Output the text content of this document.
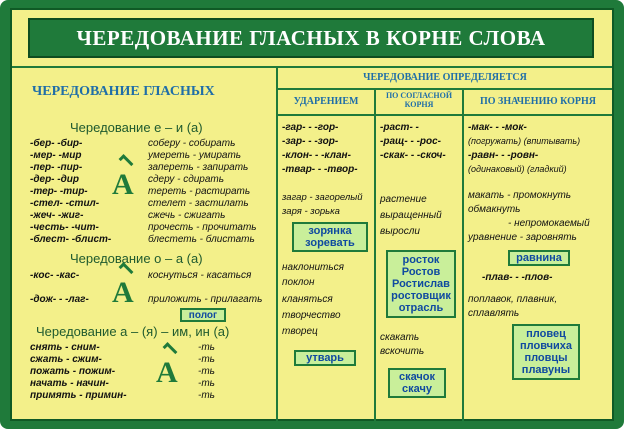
ЧЕРЕДОВАНИЕ ГЛАСНЫХ В КОРНЕ СЛОВА
ЧЕРЕДОВАНИЕ ГЛАСНЫХ
ЧЕРЕДОВАНИЕ ОПРЕДЕЛЯЕТСЯ
УДАРЕНИЕМ
ПО СОГЛАСНОЙ КОРНЯ	ПО ЗНАЧЕНИЮ КОРНЯ
Чередование е – и (а)
-бер- -бир-
-мер- -мир
-пер- -пир-
-дер- -дир
-тер- -тир-
-стел- -стил-
-жеч- -жиг-
-честь- -чит-
-блест- -блист-
А
соберу - собирать
умереть - умирать
запереть - запирать
сдеру - сдирать
тереть - растирать
стелет - застилать
сжечь - сжигать
прочесть - прочитать
блестеть - блистать
Чередование о – а (а)
-кос- -кас-
-дож- - -лаг- А
коснуться - касаться
приложить - прилагать
полог
Чередование а – (я) – им, ин (а)
снять - сним-
сжать - сжим-
пожать - пожим-
начать - начин-
примять - примин-
А
-ть
-ть
-ть
-ть
-ть
-гар- - -гор-
-зар- - -зор-
-клон- - -клан-
-твар- - -твор-
загар - загорелый
заря - зорька
зорянка
зоревать
наклониться
поклон
кланяться
творчество
творец
утварь
-раст- -
-ращ- - -рос-
-скак- - -скоч-
растение
выращенный
выросли
росток
Ростов
Ростислав
ростовщик
отрасль
скакать
вскочить
скачок
скачу
-мак- - -мок-
(погружать) (впитывать)
-равн- - -ровн-
(одинаковый) (гладкий)
макать - промокнуть
обмакнуть
- непромокаемый
уравнение - заровнять
равнина
-плав- - -плов-
поплавок, плавник,
сплавлять
пловец
пловчиха
пловцы
плавуны
